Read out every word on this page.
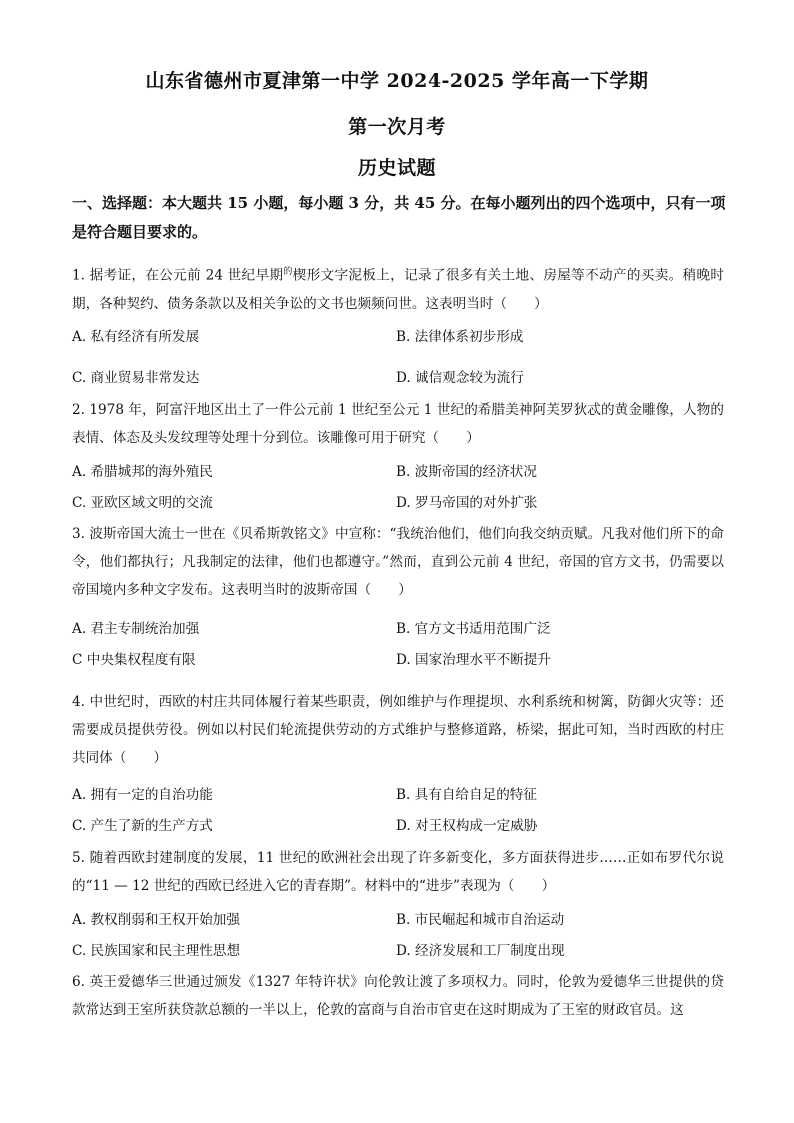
山东省德州市夏津第一中学 2024-2025 学年高一下学期
第一次月考
历史试题
一、选择题：本大题共 15 小题，每小题 3 分，共 45 分。在每小题列出的四个选项中，只有一项是符合题目要求的。
1. 据考证，在公元前 24 世纪早期$^的$楔形文字泥板上，记录了很多有关土地、房屋等不动产的买卖。稍晚时期，各种契约、债务条款以及相关争讼的文书也频频问世。这表明当时（　　）
A. 私有经济有所发展	B. 法律体系初步形成
C. 商业贸易非常发达	D. 诚信观念较为流行
2. 1978 年，阿富汗地区出土了一件公元前 1 世纪至公元 1 世纪的希腊美神阿芙罗狄忒的黄金雕像，人物的表情、体态及头发纹理等处理十分到位。该雕像可用于研究（　　）
A. 希腊城邦的海外殖民	B. 波斯帝国的经济状况
C. 亚欧区域文明的交流	D. 罗马帝国的对外扩张
3. 波斯帝国大流士一世在《贝希斯敦铭文》中宣称：“我统治他们，他们向我交纳贡赋。凡我对他们所下的命令，他们都执行；凡我制定的法律，他们也都遵守。”然而，直到公元前 4 世纪，帝国的官方文书，仍需要以帝国境内多种文字发布。这表明当时的波斯帝国（　　）
A. 君主专制统治加强	B. 官方文书适用范围广泛
C 中央集权程度有限	D. 国家治理水平不断提升
4. 中世纪时，西欧的村庄共同体履行着某些职责，例如维护与作理提坝、水利系统和树篱，防御火灾等：还需要成员提供劳役。例如以村民们轮流提供劳动的方式维护与整修道路，桥梁，据此可知，当时西欧的村庄共同体（　　）
A. 拥有一定的自治功能	B. 具有自给自足的特征
C. 产生了新的生产方式	D. 对王权构成一定威胁
5. 随着西欧封建制度的发展，11 世纪的欧洲社会出现了许多新变化，多方面获得进步……正如布罗代尔说的“11 — 12 世纪的西欧已经进入它的青春期”。材料中的“进步”表现为（　　）
A. 教权削弱和王权开始加强	B. 市民崛起和城市自治运动
C. 民族国家和民主理性思想	D. 经济发展和工厂制度出现
6. 英王爱德华三世通过颁发《1327 年特许状》向伦敦让渡了多项权力。同时，伦敦为爱德华三世提供的贷款常达到王室所获贷款总额的一半以上，伦敦的富商与自治市官吏在这时期成为了王室的财政官员。这
